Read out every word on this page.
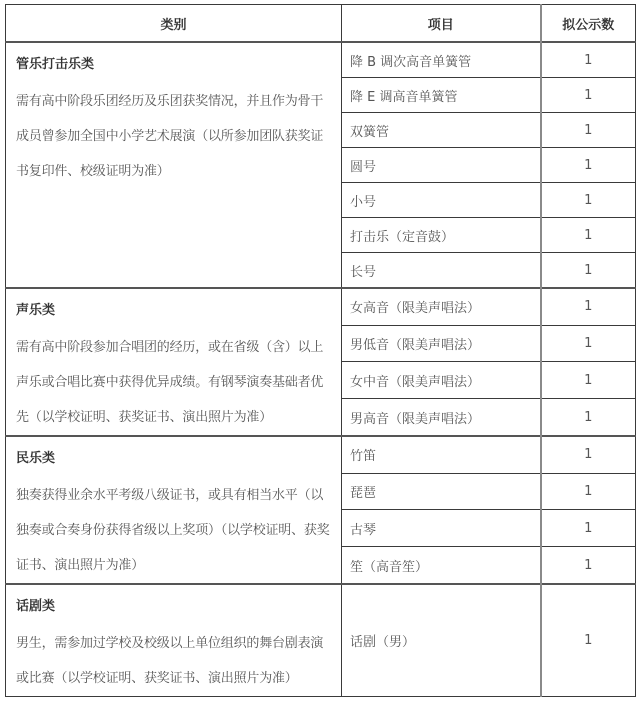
类别	项目	拟公示数

管乐打击乐类
需有高中阶段乐团经历及乐团获奖情况，并且作为骨干成员曾参加全国中小学艺术展演（以所参加团队获奖证书复印件、校级证明为准）	降 B 调次高音单簧管	1
	降 E 调高音单簧管	1
	双簧管	1
	圆号	1
	小号	1
	打击乐（定音鼓）	1
	长号	1

声乐类
需有高中阶段参加合唱团的经历，或在省级（含）以上声乐或合唱比赛中获得优异成绩。有钢琴演奏基础者优先（以学校证明、获奖证书、演出照片为准）	女高音（限美声唱法）	1
	男低音（限美声唱法）	1
	女中音（限美声唱法）	1
	男高音（限美声唱法）	1

民乐类
独奏获得业余水平考级八级证书，或具有相当水平（以独奏或合奏身份获得省级以上奖项）（以学校证明、获奖证书、演出照片为准）	竹笛	1
	琵琶	1
	古琴	1
	笙（高音笙）	1

话剧类
男生，需参加过学校及校级以上单位组织的舞台剧表演或比赛（以学校证明、获奖证书、演出照片为准）	话剧（男）	1
